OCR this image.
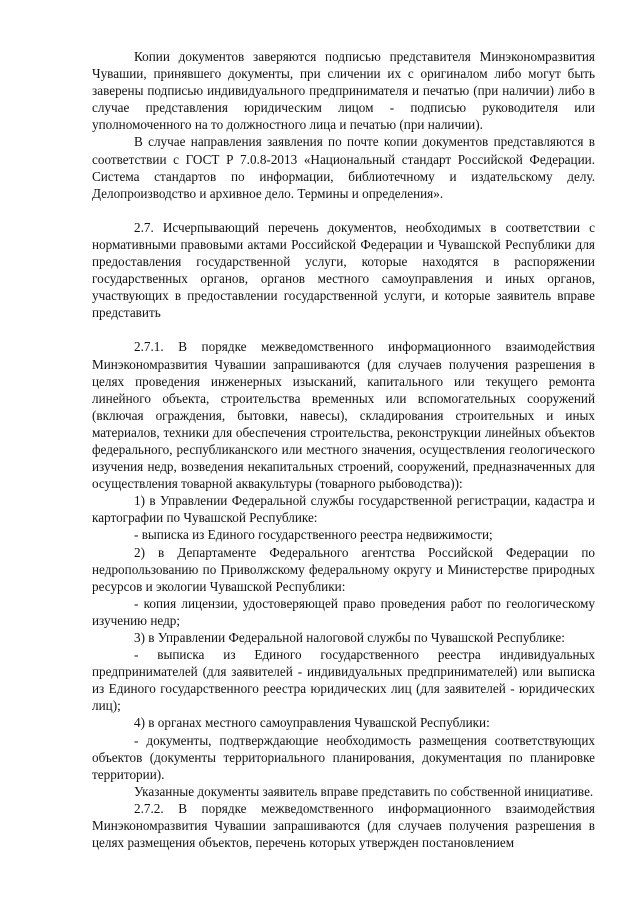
Копии документов заверяются подписью представителя Минэкономразвития Чувашии, принявшего документы, при сличении их с оригиналом либо могут быть заверены подписью индивидуального предпринимателя и печатью (при наличии) либо в случае представления юридическим лицом - подписью руководителя или уполномоченного на то должностного лица и печатью (при наличии).

В случае направления заявления по почте копии документов представляются в соответствии с ГОСТ Р 7.0.8-2013 «Национальный стандарт Российской Федерации. Система стандартов по информации, библиотечному и издательскому делу. Делопроизводство и архивное дело. Термины и определения».

2.7. Исчерпывающий перечень документов, необходимых в соответствии с нормативными правовыми актами Российской Федерации и Чувашской Республики для предоставления государственной услуги, которые находятся в распоряжении государственных органов, органов местного самоуправления и иных органов, участвующих в предоставлении государственной услуги, и которые заявитель вправе представить

2.7.1. В порядке межведомственного информационного взаимодействия Минэкономразвития Чувашии запрашиваются (для случаев получения разрешения в целях проведения инженерных изысканий, капитального или текущего ремонта линейного объекта, строительства временных или вспомогательных сооружений (включая ограждения, бытовки, навесы), складирования строительных и иных материалов, техники для обеспечения строительства, реконструкции линейных объектов федерального, республиканского или местного значения, осуществления геологического изучения недр, возведения некапитальных строений, сооружений, предназначенных для осуществления товарной аквакультуры (товарного рыбоводства)):

1) в Управлении Федеральной службы государственной регистрации, кадастра и картографии по Чувашской Республике:

- выписка из Единого государственного реестра недвижимости;

2) в Департаменте Федерального агентства Российской Федерации по недропользованию по Приволжскому федеральному округу и Министерстве природных ресурсов и экологии Чувашской Республики:

- копия лицензии, удостоверяющей право проведения работ по геологическому изучению недр;

3) в Управлении Федеральной налоговой службы по Чувашской Республике:

- выписка из Единого государственного реестра индивидуальных предпринимателей (для заявителей - индивидуальных предпринимателей) или выписка из Единого государственного реестра юридических лиц (для заявителей - юридических лиц);

4) в органах местного самоуправления Чувашской Республики:

- документы, подтверждающие необходимость размещения соответствующих объектов (документы территориального планирования, документация по планировке территории).

Указанные документы заявитель вправе представить по собственной инициативе.

2.7.2. В порядке межведомственного информационного взаимодействия Минэкономразвития Чувашии запрашиваются (для случаев получения разрешения в целях размещения объектов, перечень которых утвержден постановлением
